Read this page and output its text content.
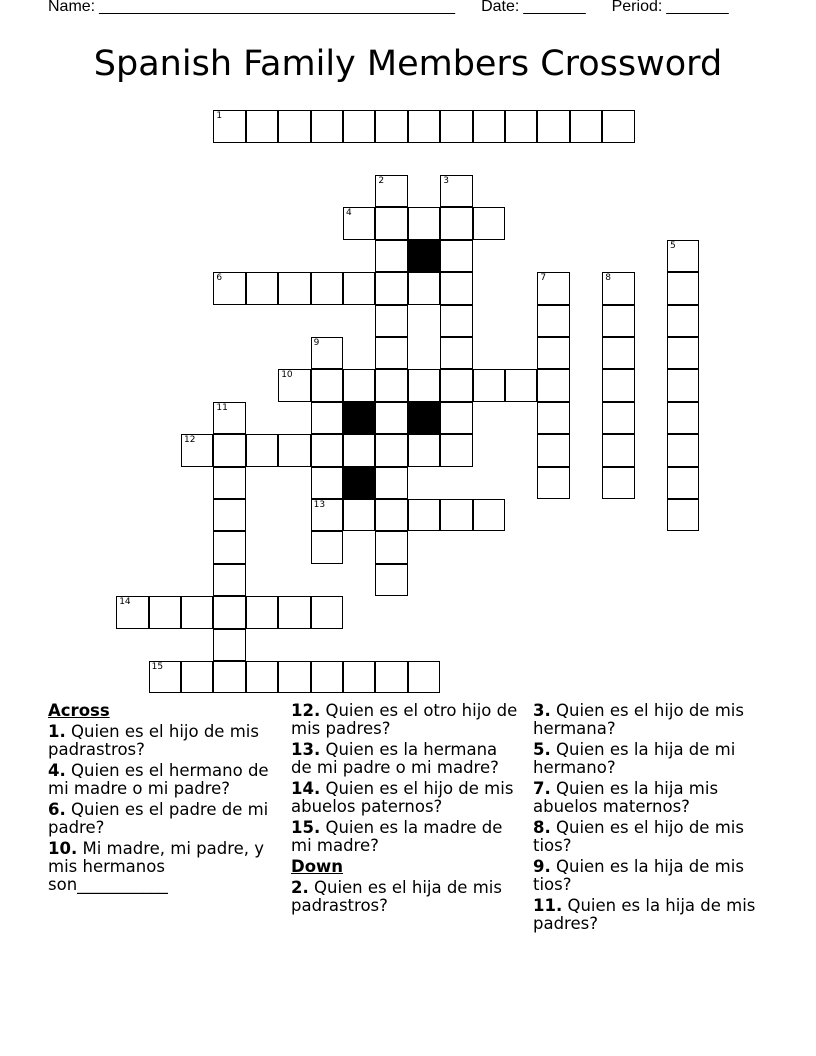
Name: ________________________________________ Date: _______ Period: _______
Spanish Family Members Crossword
1
2	3
4
6
10
12
13
14
15
5
7	8
9
11
Across
1. Quien es el hijo de mis padrastros?
4. Quien es el hermano de mi madre o mi padre?
6. Quien es el padre de mi padre?
10. Mi madre, mi padre, y mis hermanos son___________
12. Quien es el otro hijo de mis padres?
13. Quien es la hermana de mi padre o mi madre?
14. Quien es el hijo de mis abuelos paternos?
15. Quien es la madre de mi madre?
Down
2. Quien es el hija de mis padrastros?
3. Quien es el hijo de mis hermana?
5. Quien es la hija de mi hermano?
7. Quien es la hija mis abuelos maternos?
8. Quien es el hijo de mis tios?
9. Quien es la hija de mis tios?
11. Quien es la hija de mis padres?
